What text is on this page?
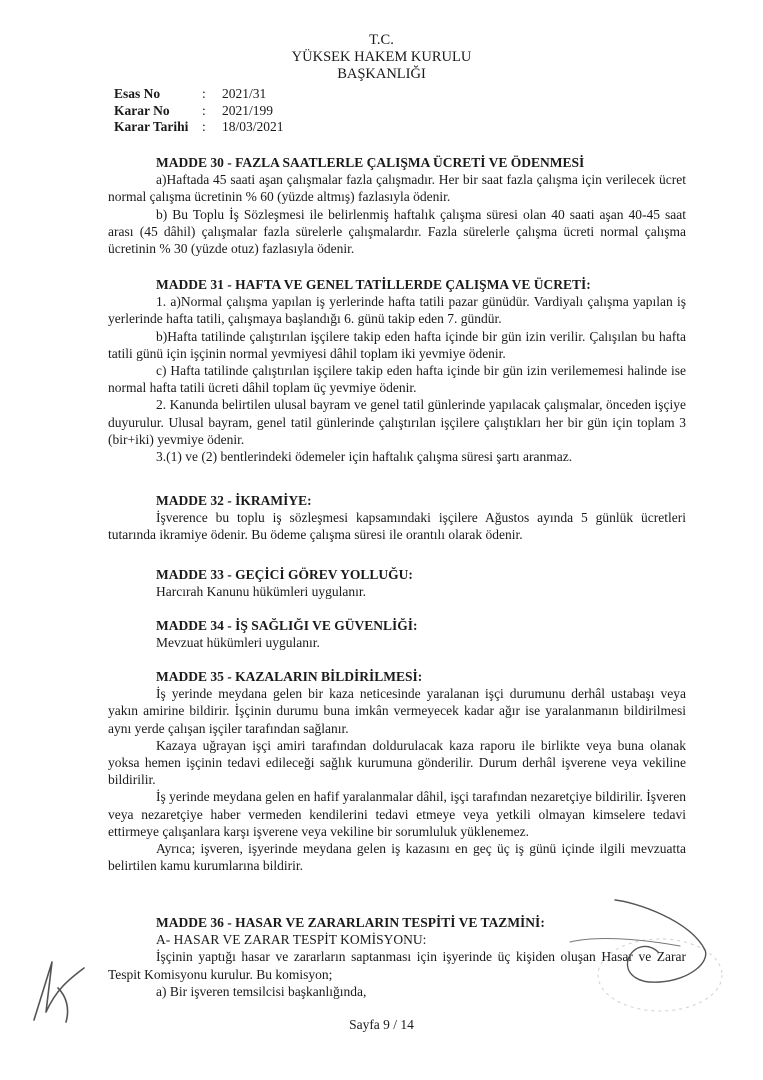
T.C.
YÜKSEK HAKEM KURULU
BAŞKANLIĞI
Esas No	:	2021/31
Karar No	:	2021/199
Karar Tarihi	:	18/03/2021
MADDE 30 - FAZLA SAATLERLE ÇALIŞMA ÜCRETİ VE ÖDENMESİ
a)Haftada 45 saati aşan çalışmalar fazla çalışmadır. Her bir saat fazla çalışma için verilecek ücret normal çalışma ücretinin % 60 (yüzde altmış) fazlasıyla ödenir.
b) Bu Toplu İş Sözleşmesi ile belirlenmiş haftalık çalışma süresi olan 40 saati aşan 40-45 saat arası (45 dâhil) çalışmalar fazla sürelerle çalışmalardır. Fazla sürelerle çalışma ücreti normal çalışma ücretinin % 30 (yüzde otuz) fazlasıyla ödenir.
MADDE 31 - HAFTA VE GENEL TATİLLERDE ÇALIŞMA VE ÜCRETİ:
1. a)Normal çalışma yapılan iş yerlerinde hafta tatili pazar günüdür. Vardiyalı çalışma yapılan iş yerlerinde hafta tatili, çalışmaya başlandığı 6. günü takip eden 7. gündür.
b)Hafta tatilinde çalıştırılan işçilere takip eden hafta içinde bir gün izin verilir. Çalışılan bu hafta tatili günü için işçinin normal yevmiyesi dâhil toplam iki yevmiye ödenir.
c) Hafta tatilinde çalıştırılan işçilere takip eden hafta içinde bir gün izin verilememesi halinde ise normal hafta tatili ücreti dâhil toplam üç yevmiye ödenir.
2. Kanunda belirtilen ulusal bayram ve genel tatil günlerinde yapılacak çalışmalar, önceden işçiye duyurulur. Ulusal bayram, genel tatil günlerinde çalıştırılan işçilere çalıştıkları her bir gün için toplam 3 (bir+iki) yevmiye ödenir.
3.(1) ve (2) bentlerindeki ödemeler için haftalık çalışma süresi şartı aranmaz.
MADDE 32 - İKRAMİYE:
İşverence bu toplu iş sözleşmesi kapsamındaki işçilere Ağustos ayında 5 günlük ücretleri tutarında ikramiye ödenir. Bu ödeme çalışma süresi ile orantılı olarak ödenir.
MADDE 33 - GEÇİCİ GÖREV YOLLUĞU:
Harcırah Kanunu hükümleri uygulanır.
MADDE 34 - İŞ SAĞLIĞI VE GÜVENLİĞİ:
Mevzuat hükümleri uygulanır.
MADDE 35 - KAZALARIN BİLDİRİLMESİ:
İş yerinde meydana gelen bir kaza neticesinde yaralanan işçi durumunu derhâl ustabaşı veya yakın amirine bildirir. İşçinin durumu buna imkân vermeyecek kadar ağır ise yaralanmanın bildirilmesi aynı yerde çalışan işçiler tarafından sağlanır.
Kazaya uğrayan işçi amiri tarafından doldurulacak kaza raporu ile birlikte veya buna olanak yoksa hemen işçinin tedavi edileceği sağlık kurumuna gönderilir. Durum derhâl işverene veya vekiline bildirilir.
İş yerinde meydana gelen en hafif yaralanmalar dâhil, işçi tarafından nezaretçiye bildirilir. İşveren veya nezaretçiye haber vermeden kendilerini tedavi etmeye veya yetkili olmayan kimselere tedavi ettirmeye çalışanlara karşı işverene veya vekiline bir sorumluluk yüklenemez.
Ayrıca; işveren, işyerinde meydana gelen iş kazasını en geç üç iş günü içinde ilgili mevzuatta belirtilen kamu kurumlarına bildirir.
MADDE 36 - HASAR VE ZARARLARIN TESPİTİ VE TAZMİNİ:
A- HASAR VE ZARAR TESPİT KOMİSYONU:
İşçinin yaptığı hasar ve zararların saptanması için işyerinde üç kişiden oluşan Hasar ve Zarar Tespit Komisyonu kurulur. Bu komisyon;
a) Bir işveren temsilcisi başkanlığında,
Sayfa 9 / 14
